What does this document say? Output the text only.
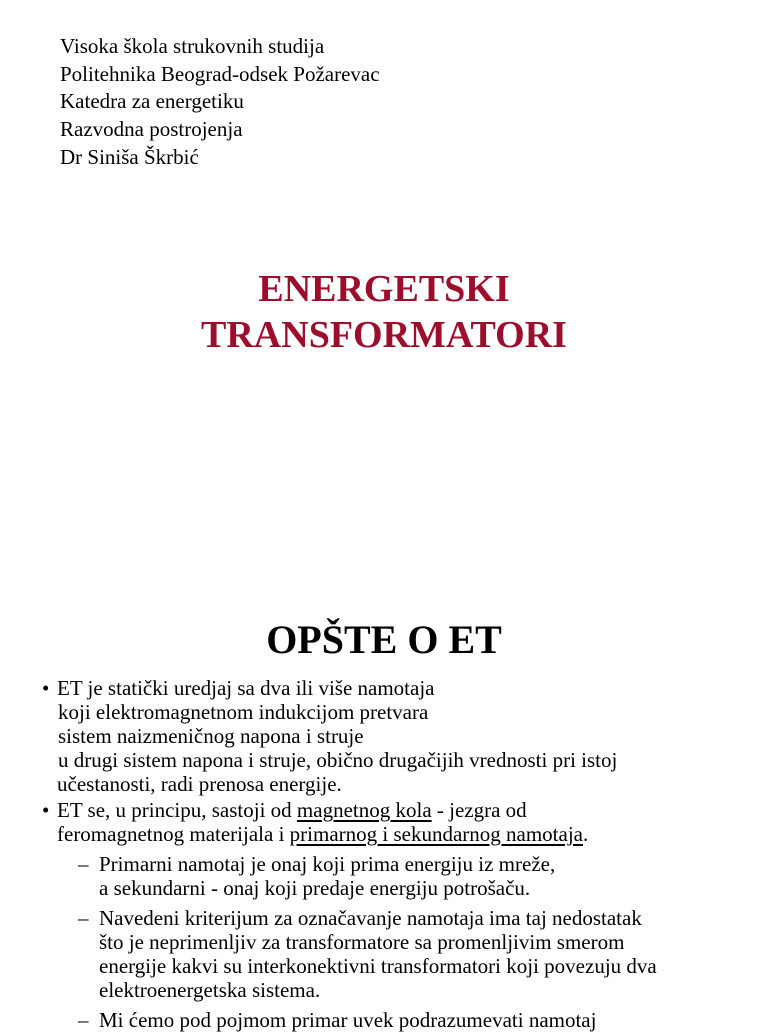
Visoka škola strukovnih studija
Politehnika Beograd-odsek Požarevac
Katedra za energetiku
Razvodna postrojenja
Dr Siniša Škrbić
ENERGETSKI
TRANSFORMATORI
OPŠTE O ET
• ET je statički uredjaj sa dva ili više namotaja
koji elektromagnetnom indukcijom pretvara
sistem naizmeničnog napona i struje
u drugi sistem napona i struje, obično drugačijih vrednosti pri istoj
učestanosti, radi prenosa energije.
• ET se, u principu, sastoji od magnetnog kola - jezgra od
feromagnetnog materijala i primarnog i sekundarnog namotaja.
– Primarni namotaj je onaj koji prima energiju iz mreže,
a sekundarni - onaj koji predaje energiju potrošaču.
– Navedeni kriterijum za označavanje namotaja ima taj nedostatak
što je neprimenljiv za transformatore sa promenljivim smerom
energije kakvi su interkonektivni transformatori koji povezuju dva
elektroenergetska sistema.
– Mi ćemo pod pojmom primar uvek podrazumevati namotaj
